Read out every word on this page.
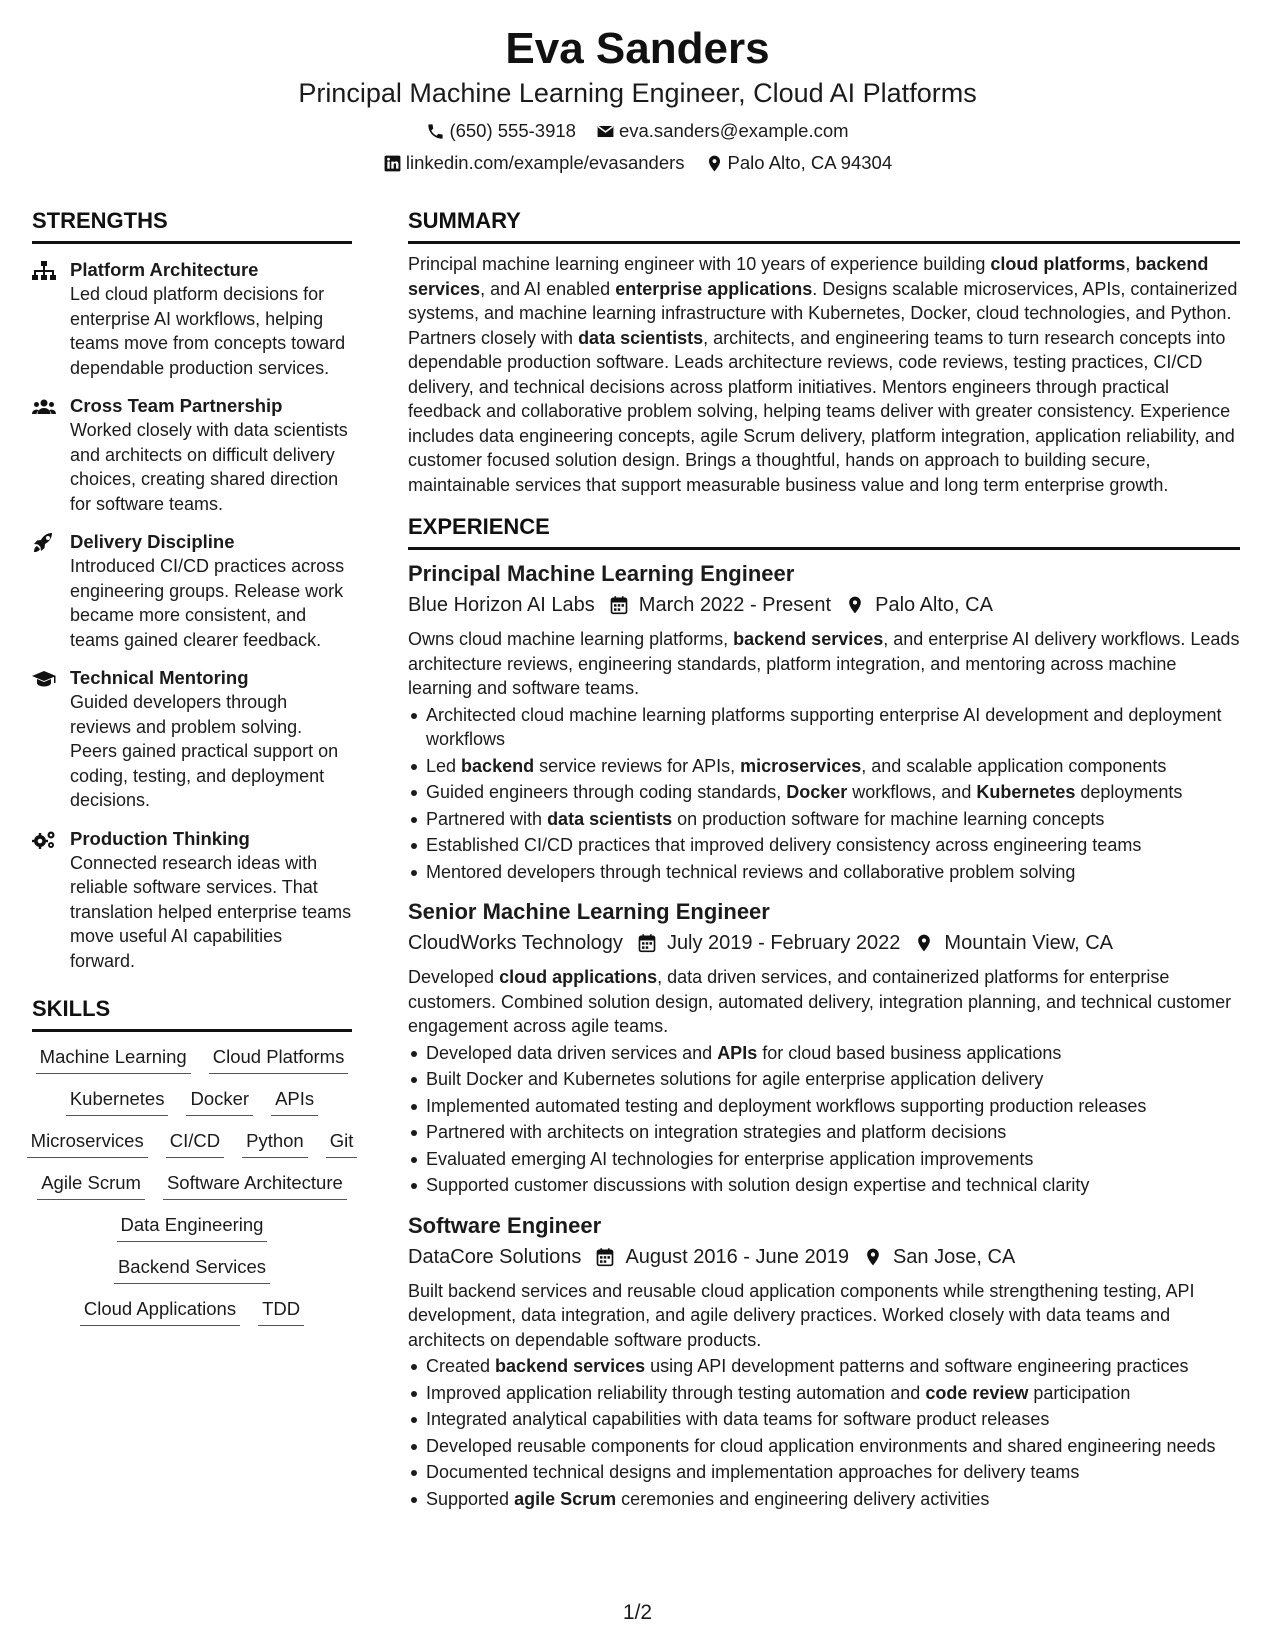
Eva Sanders
Principal Machine Learning Engineer, Cloud AI Platforms
(650) 555-3918 eva.sanders@example.com
linkedin.com/example/evasanders Palo Alto, CA 94304
STRENGTHS
Platform Architecture
Led cloud platform decisions for enterprise AI workflows, helping teams move from concepts toward dependable production services.
Cross Team Partnership
Worked closely with data scientists and architects on difficult delivery choices, creating shared direction for software teams.
Delivery Discipline
Introduced CI/CD practices across engineering groups. Release work became more consistent, and teams gained clearer feedback.
Technical Mentoring
Guided developers through reviews and problem solving. Peers gained practical support on coding, testing, and deployment decisions.
Production Thinking
Connected research ideas with reliable software services. That translation helped enterprise teams move useful AI capabilities forward.
SKILLS
Machine Learning Cloud Platforms
Kubernetes Docker APIs
Microservices CI/CD Python Git
Agile Scrum Software Architecture
Data Engineering
Backend Services
Cloud Applications TDD
SUMMARY
Principal machine learning engineer with 10 years of experience building cloud platforms, backend services, and AI enabled enterprise applications. Designs scalable microservices, APIs, containerized systems, and machine learning infrastructure with Kubernetes, Docker, cloud technologies, and Python. Partners closely with data scientists, architects, and engineering teams to turn research concepts into dependable production software. Leads architecture reviews, code reviews, testing practices, CI/CD delivery, and technical decisions across platform initiatives. Mentors engineers through practical feedback and collaborative problem solving, helping teams deliver with greater consistency. Experience includes data engineering concepts, agile Scrum delivery, platform integration, application reliability, and customer focused solution design. Brings a thoughtful, hands on approach to building secure, maintainable services that support measurable business value and long term enterprise growth.
EXPERIENCE
Principal Machine Learning Engineer
Blue Horizon AI Labs March 2022 - Present Palo Alto, CA
Owns cloud machine learning platforms, backend services, and enterprise AI delivery workflows. Leads architecture reviews, engineering standards, platform integration, and mentoring across machine learning and software teams.
Architected cloud machine learning platforms supporting enterprise AI development and deployment workflows
Led backend service reviews for APIs, microservices, and scalable application components
Guided engineers through coding standards, Docker workflows, and Kubernetes deployments
Partnered with data scientists on production software for machine learning concepts
Established CI/CD practices that improved delivery consistency across engineering teams
Mentored developers through technical reviews and collaborative problem solving
Senior Machine Learning Engineer
CloudWorks Technology July 2019 - February 2022 Mountain View, CA
Developed cloud applications, data driven services, and containerized platforms for enterprise customers. Combined solution design, automated delivery, integration planning, and technical customer engagement across agile teams.
Developed data driven services and APIs for cloud based business applications
Built Docker and Kubernetes solutions for agile enterprise application delivery
Implemented automated testing and deployment workflows supporting production releases
Partnered with architects on integration strategies and platform decisions
Evaluated emerging AI technologies for enterprise application improvements
Supported customer discussions with solution design expertise and technical clarity
Software Engineer
DataCore Solutions August 2016 - June 2019 San Jose, CA
Built backend services and reusable cloud application components while strengthening testing, API development, data integration, and agile delivery practices. Worked closely with data teams and architects on dependable software products.
Created backend services using API development patterns and software engineering practices
Improved application reliability through testing automation and code review participation
Integrated analytical capabilities with data teams for software product releases
Developed reusable components for cloud application environments and shared engineering needs
Documented technical designs and implementation approaches for delivery teams
Supported agile Scrum ceremonies and engineering delivery activities
1/2
